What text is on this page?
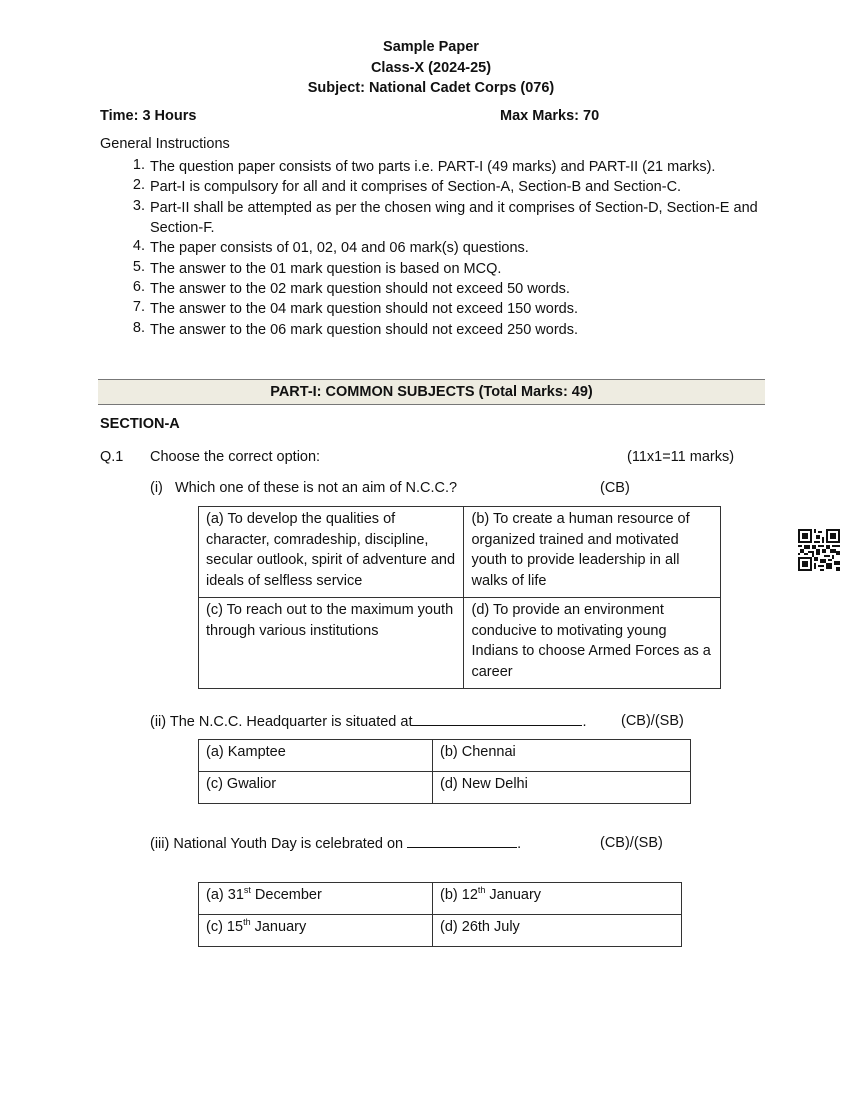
Sample Paper
Class-X (2024-25)
Subject: National Cadet Corps (076)
Time: 3 Hours	Max Marks: 70
General Instructions
1. The question paper consists of two parts i.e. PART-I (49 marks) and PART-II (21 marks).
2. Part-I is compulsory for all and it comprises of Section-A, Section-B and Section-C.
3. Part-II shall be attempted as per the chosen wing and it comprises of Section-D, Section-E and Section-F.
4. The paper consists of 01, 02, 04 and 06 mark(s) questions.
5. The answer to the 01 mark question is based on MCQ.
6. The answer to the 02 mark question should not exceed 50 words.
7. The answer to the 04 mark question should not exceed 150 words.
8. The answer to the 06 mark question should not exceed 250 words.
PART-I: COMMON SUBJECTS (Total Marks: 49)
SECTION-A
Q.1 Choose the correct option:	(11x1=11 marks)
(i) Which one of these is not an aim of N.C.C.?	(CB)
(a) To develop the qualities of character, comradeship, discipline, secular outlook, spirit of adventure and ideals of selfless service	(b) To create a human resource of organized trained and motivated youth to provide leadership in all walks of life
(c) To reach out to the maximum youth through various institutions	(d) To provide an environment conducive to motivating young Indians to choose Armed Forces as a career
(ii) The N.C.C. Headquarter is situated at	. (CB)/(SB)
(a) Kamptee	(b) Chennai
(c) Gwalior	(d) New Delhi
(iii) National Youth Day is celebrated on	.	(CB)/(SB)
(a) 31st December	(b) 12th January
(c) 15th January	(d) 26th July
